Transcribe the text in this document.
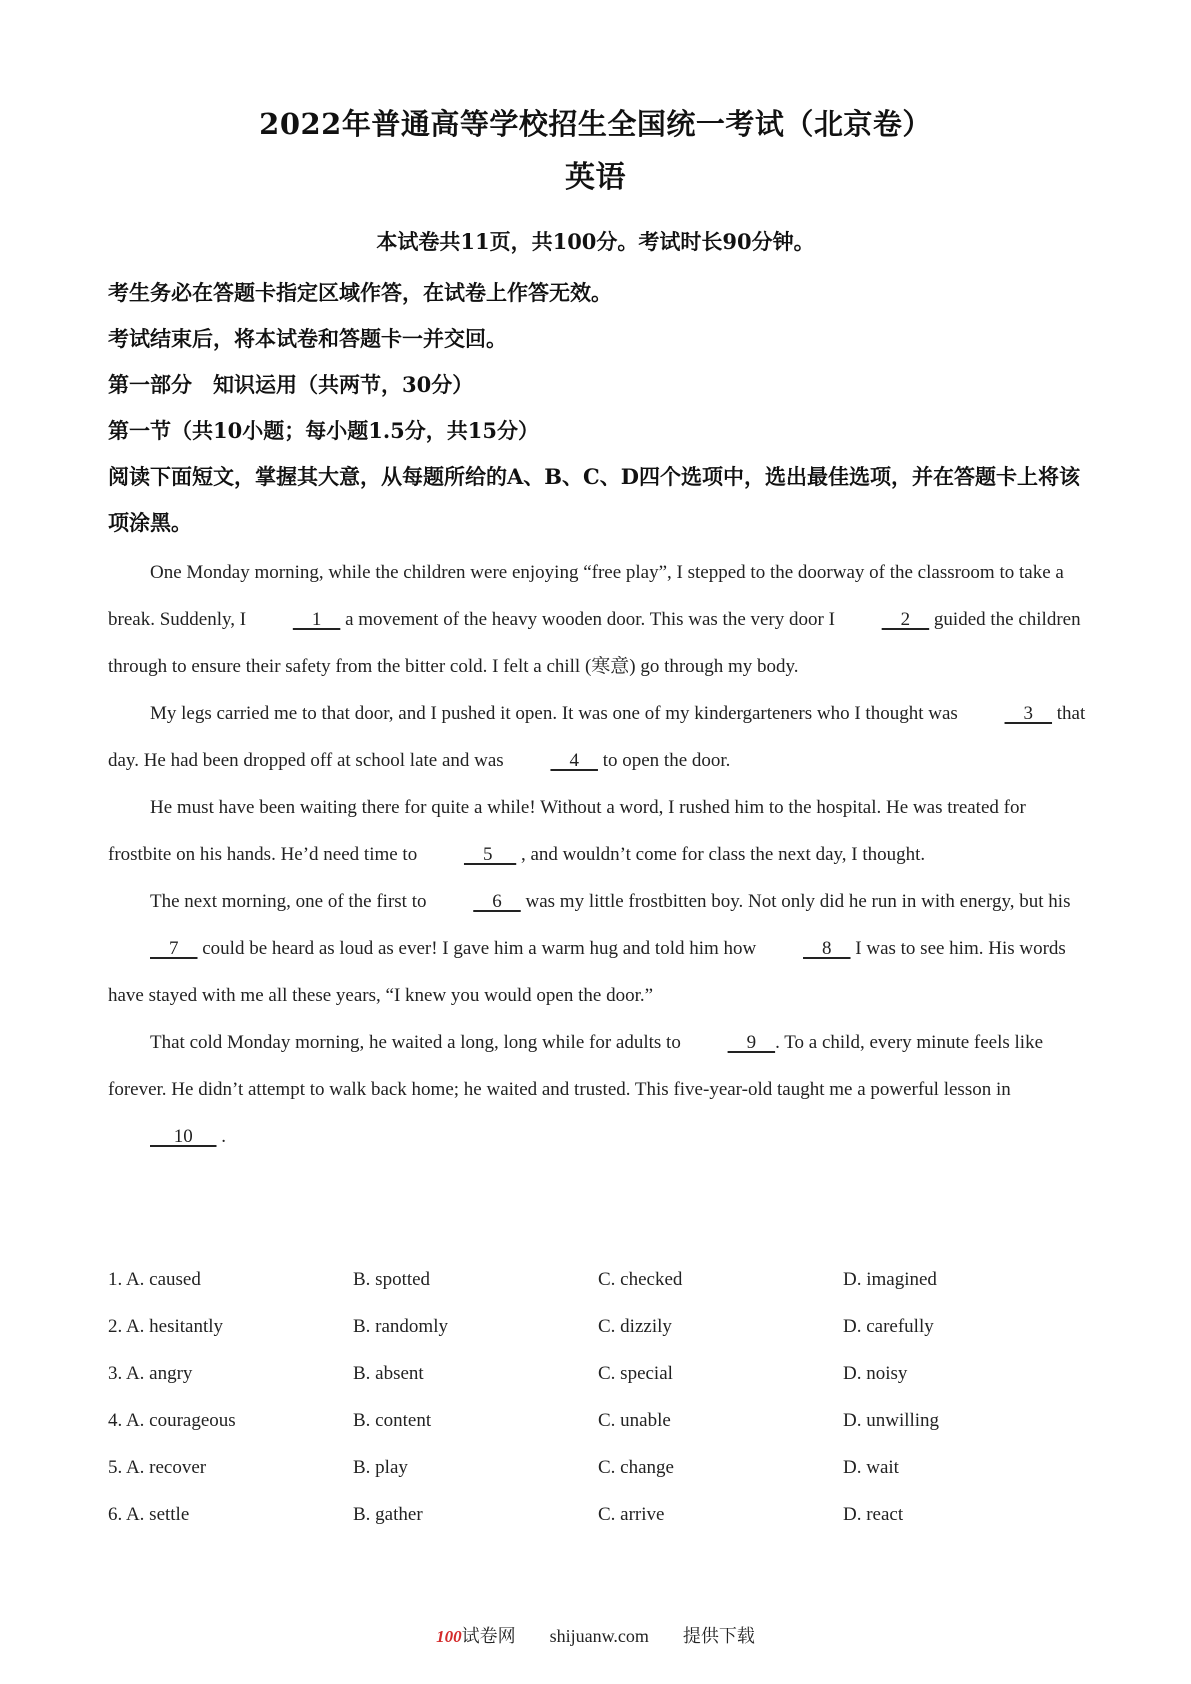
2022年普通高等学校招生全国统一考试（北京卷）
英语
本试卷共11页，共100分。考试时长90分钟。
考生务必在答题卡指定区域作答，在试卷上作答无效。
考试结束后，将本试卷和答题卡一并交回。
第一部分　知识运用（共两节，30分）
第一节（共10小题；每小题1.5分，共15分）
阅读下面短文，掌握其大意，从每题所给的A、B、C、D四个选项中，选出最佳选项，并在答题卡上将该项涂黑。

One Monday morning, while the children were enjoying “free play”, I stepped to the doorway of the classroom to take a break. Suddenly, I     1     a movement of the heavy wooden door. This was the very door I     2     guided the children through to ensure their safety from the bitter cold. I felt a chill (寒意) go through my body.

My legs carried me to that door, and I pushed it open. It was one of my kindergarteners who I thought was     3     that day. He had been dropped off at school late and was     4     to open the door.

He must have been waiting there for quite a while! Without a word, I rushed him to the hospital. He was treated for frostbite on his hands. He’d need time to     5      , and wouldn’t come for class the next day, I thought.

The next morning, one of the first to     6     was my little frostbitten boy. Not only did he run in with energy, but his     7     could be heard as loud as ever! I gave him a warm hug and told him how     8     I was to see him. His words have stayed with me all these years, “I knew you would open the door.”

That cold Monday morning, he waited a long, long while for adults to     9    . To a child, every minute feels like forever. He didn’t attempt to walk back home; he waited and trusted. This five-year-old taught me a powerful lesson in      10      .

1. A. caused	B. spotted	C. checked	D. imagined
2. A. hesitantly	B. randomly	C. dizzily	D. carefully
3. A. angry	B. absent	C. special	D. noisy
4. A. courageous	B. content	C. unable	D. unwilling
5. A. recover	B. play	C. change	D. wait
6. A. settle	B. gather	C. arrive	D. react
100试卷网 shijuanw.com 提供下载
